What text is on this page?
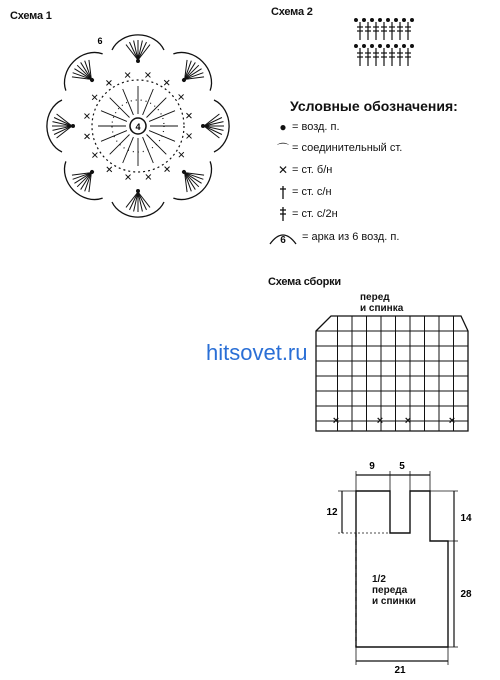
Схема 1
4
6
Схема 2
Условные обозначения:
● = возд. п.
⌒ = соединительный ст.
✕ = ст. б/н
= ст. с/н
= ст. с/2н
6 = арка из 6 возд. п.
Схема сборки
перед
и спинка
×	× ×	×
hitsovet.ru
9 5
12
14
28
21
1/2
переда
и спинки
